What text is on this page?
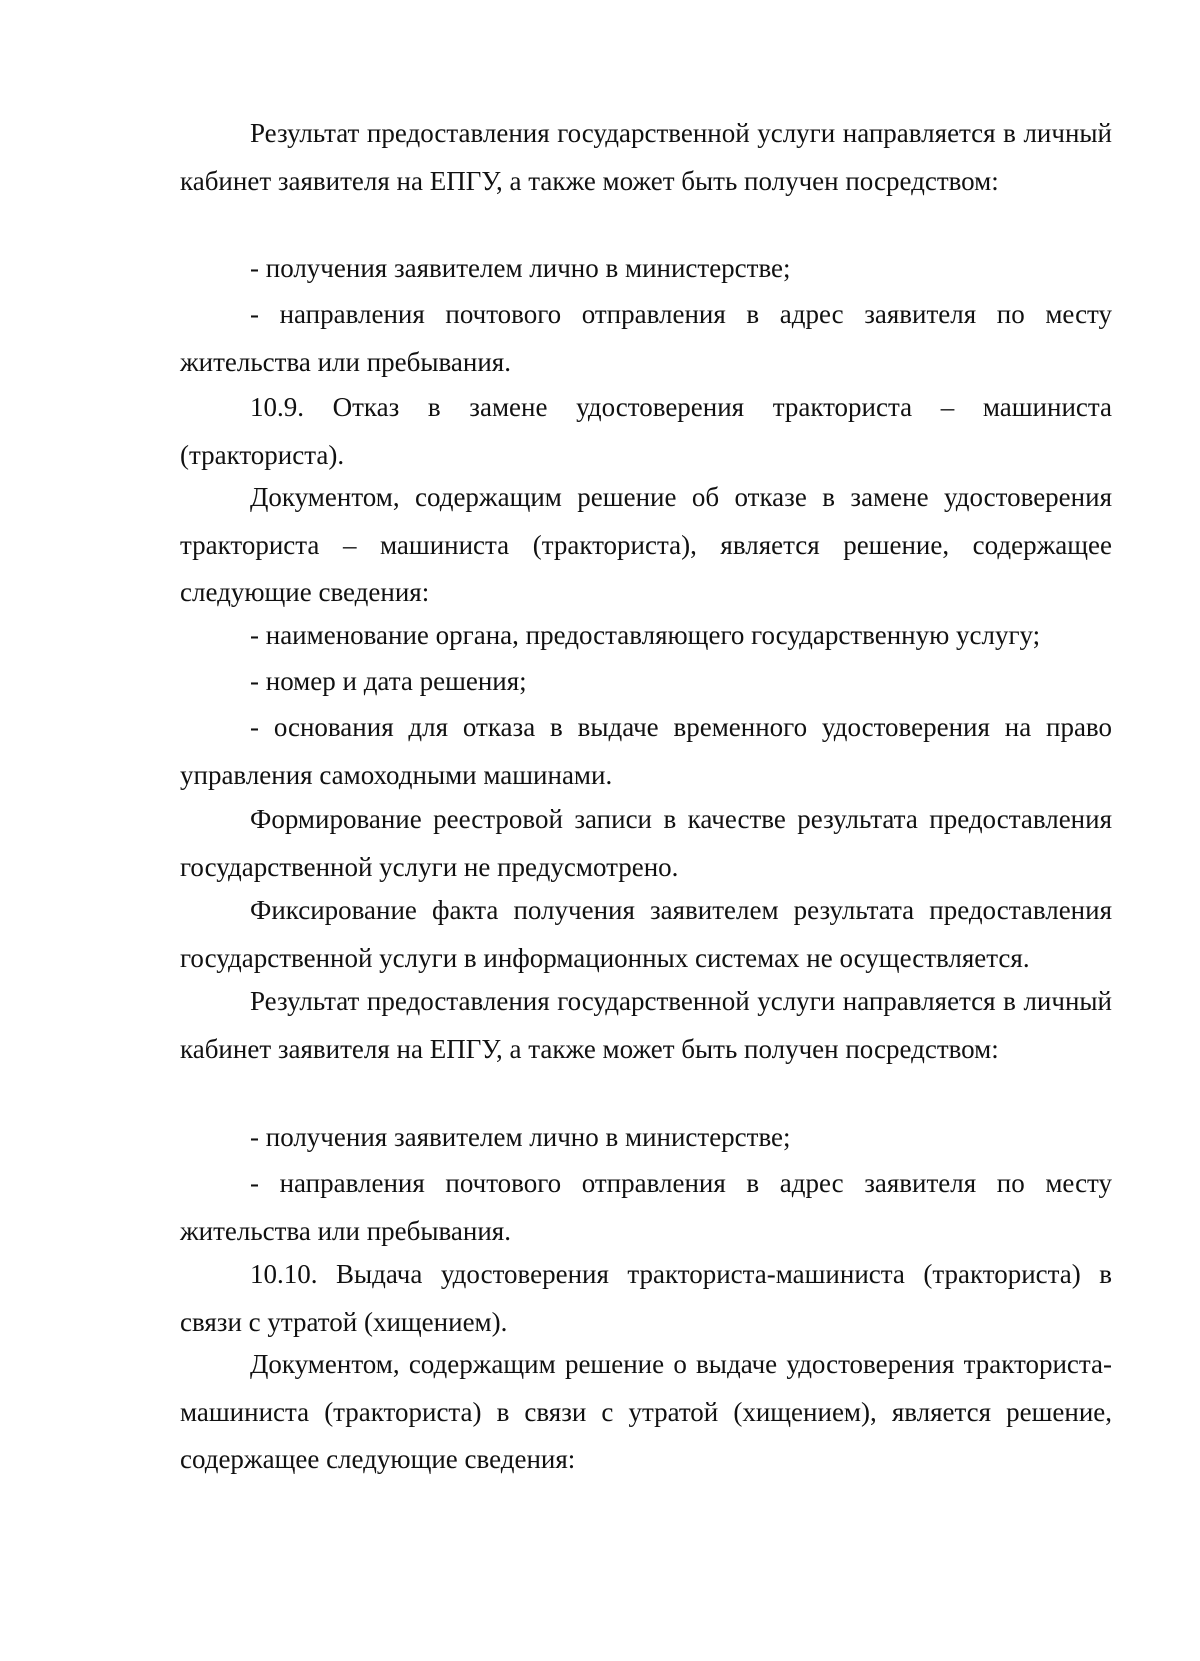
Результат предоставления государственной услуги направляется в личный кабинет заявителя на ЕПГУ, а также может быть получен посредством:

- получения заявителем лично в министерстве;

- направления почтового отправления в адрес заявителя по месту жительства или пребывания.

10.9. Отказ в замене удостоверения тракториста – машиниста (тракториста).

Документом, содержащим решение об отказе в замене удостоверения тракториста – машиниста (тракториста), является решение, содержащее следующие сведения:

- наименование органа, предоставляющего государственную услугу;

- номер и дата решения;

- основания для отказа в выдаче временного удостоверения на право управления самоходными машинами.

Формирование реестровой записи в качестве результата предоставления государственной услуги не предусмотрено.

Фиксирование факта получения заявителем результата предоставления государственной услуги в информационных системах не осуществляется.

Результат предоставления государственной услуги направляется в личный кабинет заявителя на ЕПГУ, а также может быть получен посредством:

- получения заявителем лично в министерстве;

- направления почтового отправления в адрес заявителя по месту жительства или пребывания.

10.10. Выдача удостоверения тракториста-машиниста (тракториста) в связи с утратой (хищением).

Документом, содержащим решение о выдаче удостоверения тракториста-машиниста (тракториста) в связи с утратой (хищением), является решение, содержащее следующие сведения:
